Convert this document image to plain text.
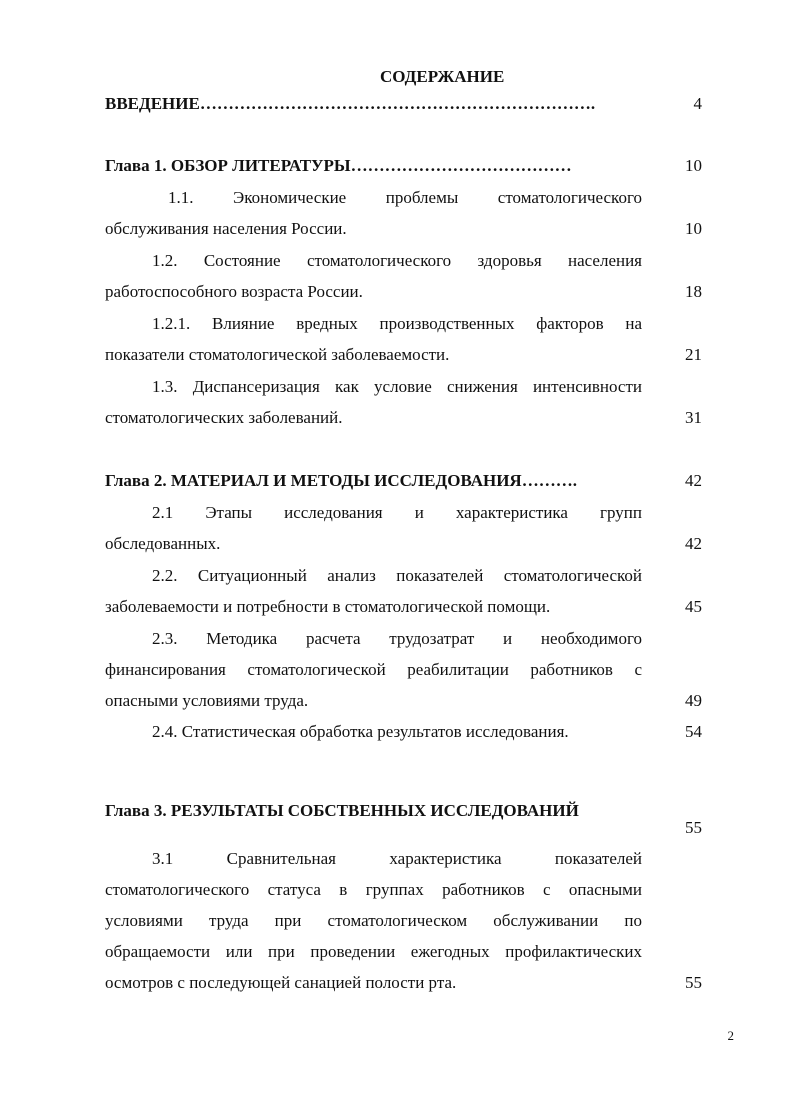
СОДЕРЖАНИЕ
ВВЕДЕНИЕ…………………………………………………………….	4
Глава 1. ОБЗОР ЛИТЕРАТУРЫ…………………………………	10
1.1. Экономические проблемы стоматологического
обслуживания населения России.	10
1.2. Состояние стоматологического здоровья населения
работоспособного возраста России.	18
1.2.1. Влияние вредных производственных факторов на
показатели стоматологической заболеваемости.	21
1.3. Диспансеризация как условие снижения интенсивности
стоматологических заболеваний.	31
Глава 2. МАТЕРИАЛ И МЕТОДЫ ИССЛЕДОВАНИЯ……….	42
2.1 Этапы исследования и характеристика групп
обследованных.	42
2.2. Ситуационный анализ показателей стоматологической
заболеваемости и потребности в стоматологической помощи.	45
2.3. Методика расчета трудозатрат и необходимого
финансирования стоматологической реабилитации работников с
опасными условиями труда.	49
2.4. Статистическая обработка результатов исследования.	54
Глава 3. РЕЗУЛЬТАТЫ СОБСТВЕННЫХ ИССЛЕДОВАНИЙ
55
3.1 Сравнительная характеристика показателей
стоматологического статуса в группах работников с опасными
условиями труда при стоматологическом обслуживании по
обращаемости или при проведении ежегодных профилактических
осмотров с последующей санацией полости рта.	55
2
